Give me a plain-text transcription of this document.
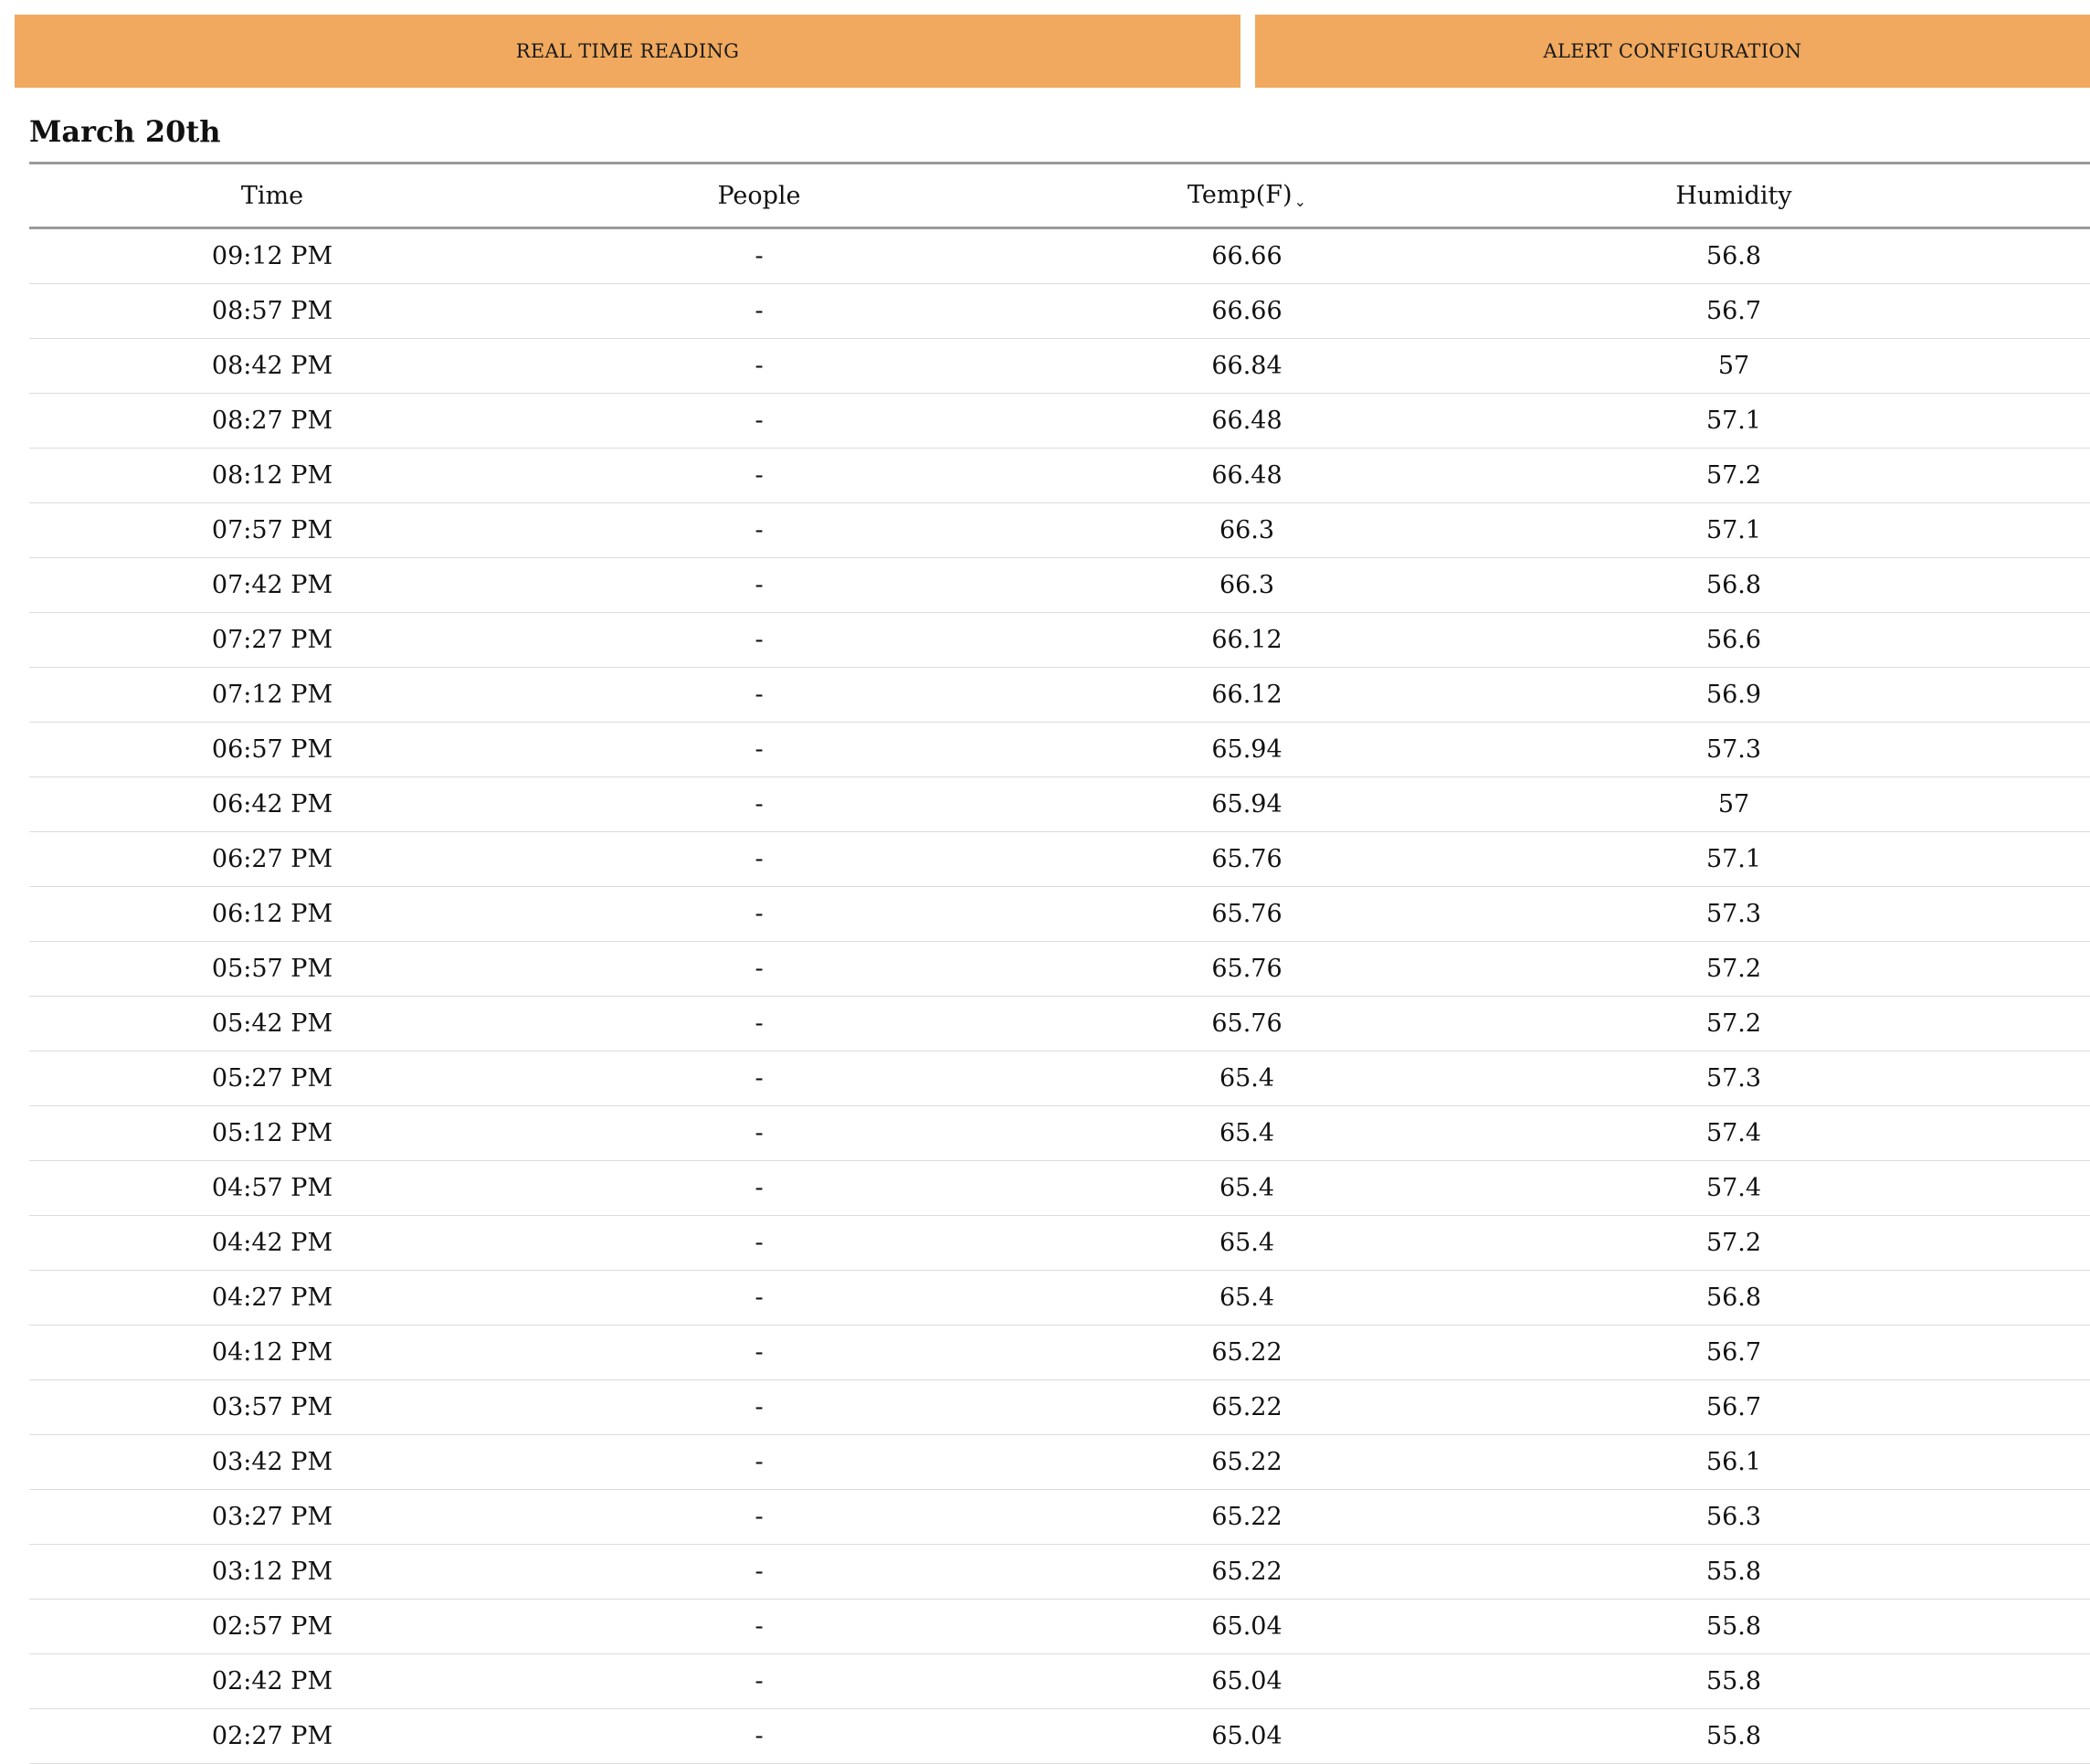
REAL TIME READING	ALERT CONFIGURATION
March 20th
Time	People	Temp(F) ⌄	Humidity	
09:12 PM	-	66.66	56.8	
08:57 PM	-	66.66	56.7	
08:42 PM	-	66.84	57	
08:27 PM	-	66.48	57.1	
08:12 PM	-	66.48	57.2	
07:57 PM	-	66.3	57.1	
07:42 PM	-	66.3	56.8	
07:27 PM	-	66.12	56.6	
07:12 PM	-	66.12	56.9	
06:57 PM	-	65.94	57.3	
06:42 PM	-	65.94	57	
06:27 PM	-	65.76	57.1	
06:12 PM	-	65.76	57.3	
05:57 PM	-	65.76	57.2	
05:42 PM	-	65.76	57.2	
05:27 PM	-	65.4	57.3	
05:12 PM	-	65.4	57.4	
04:57 PM	-	65.4	57.4	
04:42 PM	-	65.4	57.2	
04:27 PM	-	65.4	56.8	
04:12 PM	-	65.22	56.7	
03:57 PM	-	65.22	56.7	
03:42 PM	-	65.22	56.1	
03:27 PM	-	65.22	56.3	
03:12 PM	-	65.22	55.8	
02:57 PM	-	65.04	55.8	
02:42 PM	-	65.04	55.8	
02:27 PM	-	65.04	55.8	
